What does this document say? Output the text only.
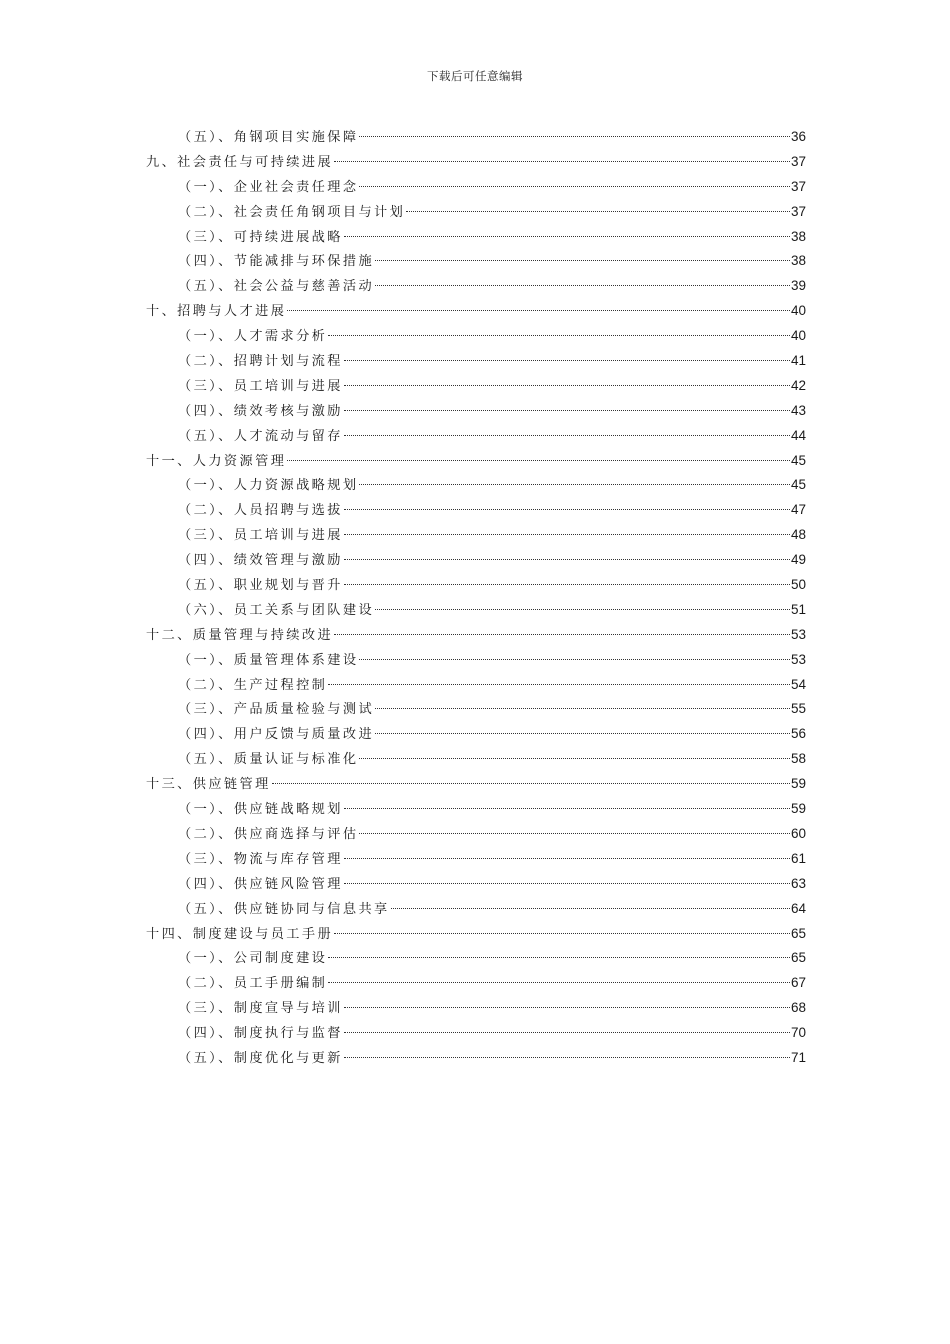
下载后可任意编辑
（五）、角钢项目实施保障	36
九、社会责任与可持续进展	37
（一）、企业社会责任理念	37
（二）、社会责任角钢项目与计划	37
（三）、可持续进展战略	38
（四）、节能减排与环保措施	38
（五）、社会公益与慈善活动	39
十、招聘与人才进展	40
（一）、人才需求分析	40
（二）、招聘计划与流程	41
（三）、员工培训与进展	42
（四）、绩效考核与激励	43
（五）、人才流动与留存	44
十一、人力资源管理	45
（一）、人力资源战略规划	45
（二）、人员招聘与选拔	47
（三）、员工培训与进展	48
（四）、绩效管理与激励	49
（五）、职业规划与晋升	50
（六）、员工关系与团队建设	51
十二、质量管理与持续改进	53
（一）、质量管理体系建设	53
（二）、生产过程控制	54
（三）、产品质量检验与测试	55
（四）、用户反馈与质量改进	56
（五）、质量认证与标准化	58
十三、供应链管理	59
（一）、供应链战略规划	59
（二）、供应商选择与评估	60
（三）、物流与库存管理	61
（四）、供应链风险管理	63
（五）、供应链协同与信息共享	64
十四、制度建设与员工手册	65
（一）、公司制度建设	65
（二）、员工手册编制	67
（三）、制度宣导与培训	68
（四）、制度执行与监督	70
（五）、制度优化与更新	71
